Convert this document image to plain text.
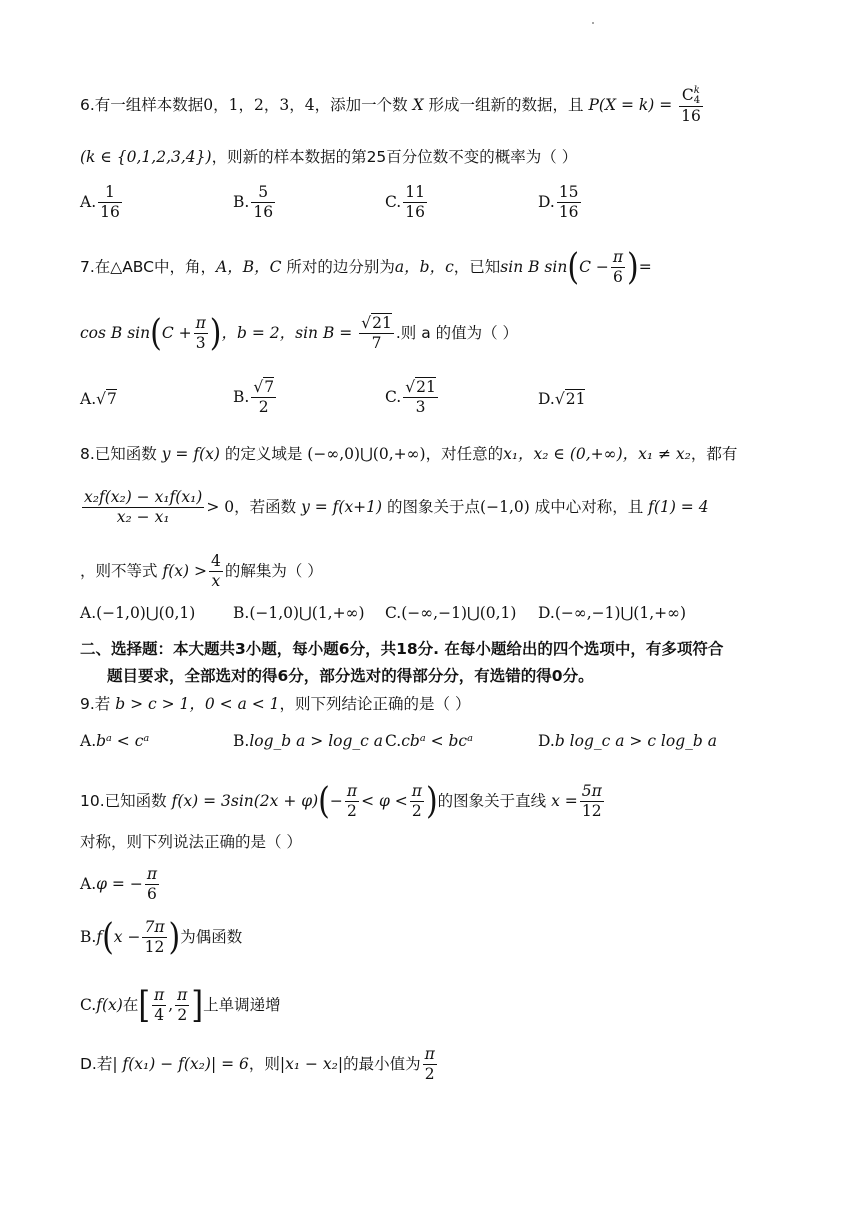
6.有一组样本数据0，1，2，3，4，添加一个数 X 形成一组新的数据，且 P(X = k) = C k
4
16
(k ∈ {0,1,2,3,4})，则新的样本数据的第25百分位数不变的概率为（ ）
A. $\frac{1}{16}$	B. $\frac{5}{16}$	C. $\frac{11}{16}$	D. $\frac{15}{16}$
7.在△ABC中，角，A，B，C 所对的边分别为a，b，c，已知sin B $\sin(C - \frac{\pi}{6}$ )=
cos B $\sin(C + \frac{\pi}{3}$ )，b = 2，$\sin B = \frac{√21}{7}$ .则 a 的值为（ ）
A.√7	B. $\frac{√7}{2}$	C. $\frac{√21}{3}$	D.√21
8.已知函数 y = f(x) 的定义域是 (−∞,0)⋃(0,+∞)，对任意的x₁，x₂ ∈ (0,+∞)，x₁ ≠ x₂，都有
$\frac{\text{x₂f(x₂) − x₁f(x₁)}}{\text{x₂ − x₁}} > 0$，若函数 y = f(x+1) 的图象关于点(−1,0) 成中心对称，且 f(1) = 4
，则不等式 $f(x) > \frac{4}{x}$ 的解集为（ ）
A.(−1,0)⋃(0,1) B.(−1,0)⋃(1,+∞) C.(−∞,−1)⋃(0,1) D.(−∞,−1)⋃(1,+∞)
二、选择题：本大题共3小题，每小题6分，共18分. 在每小题给出的四个选项中，有多项符合
题目要求，全部选对的得6分，部分选对的得部分分，有选错的得0分。
9.若 b > c > 1，0 < a < 1，则下列结论正确的是（ ）
A.bᵃ < cᵃ	B.log_b a > log_c a C.cbᵃ < bcᵃ	D.b log_c a > c log_b a
10.已知函数 $f(x) = 3\sin(2x + \varphi)(- \frac{\pi}{2} < \varphi < \frac{\pi}{2}$ )的图象关于直线 $x = \frac{5\pi}{12}$
对称，则下列说法正确的是（ ）
A.φ = − $\frac{\pi}{6}$
$B.f(x - \frac{7\pi}{12}$ )为偶函数
C.f(x)在[ $\frac{\pi}{4}$ , $\frac{\pi}{2}$ ]上单调递增
D.若| f(x₁) − f(x₂)| = 6，则|x₁ − x₂|的最小值为 $\frac{\pi}{2}$
